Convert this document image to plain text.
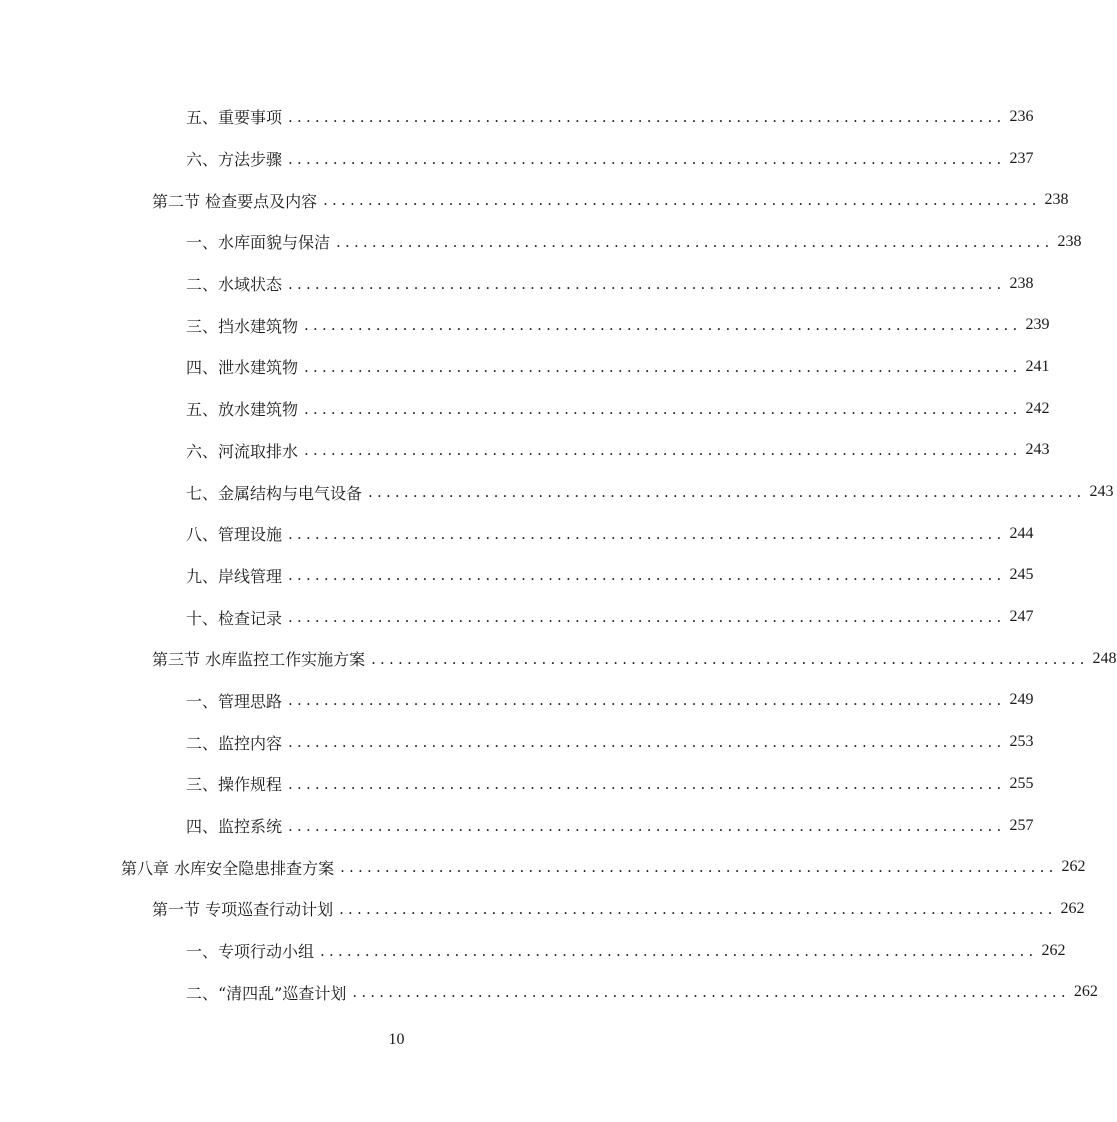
五、重要事项 ................................................................................ 236
六、方法步骤 ................................................................................ 237
第二节 检查要点及内容 ................................................................................ 238
一、水库面貌与保洁 ................................................................................ 238
二、水域状态 ................................................................................ 238
三、挡水建筑物 ................................................................................ 239
四、泄水建筑物 ................................................................................ 241
五、放水建筑物 ................................................................................ 242
六、河流取排水 ................................................................................ 243
七、金属结构与电气设备 ................................................................................ 243
八、管理设施 ................................................................................ 244
九、岸线管理 ................................................................................ 245
十、检查记录 ................................................................................ 247
第三节 水库监控工作实施方案 ................................................................................ 248
一、管理思路 ................................................................................ 249
二、监控内容 ................................................................................ 253
三、操作规程 ................................................................................ 255
四、监控系统 ................................................................................ 257
第八章 水库安全隐患排查方案 ................................................................................ 262
第一节 专项巡查行动计划 ................................................................................ 262
一、专项行动小组 ................................................................................ 262
二、“清四乱”巡查计划 ................................................................................ 262
10
